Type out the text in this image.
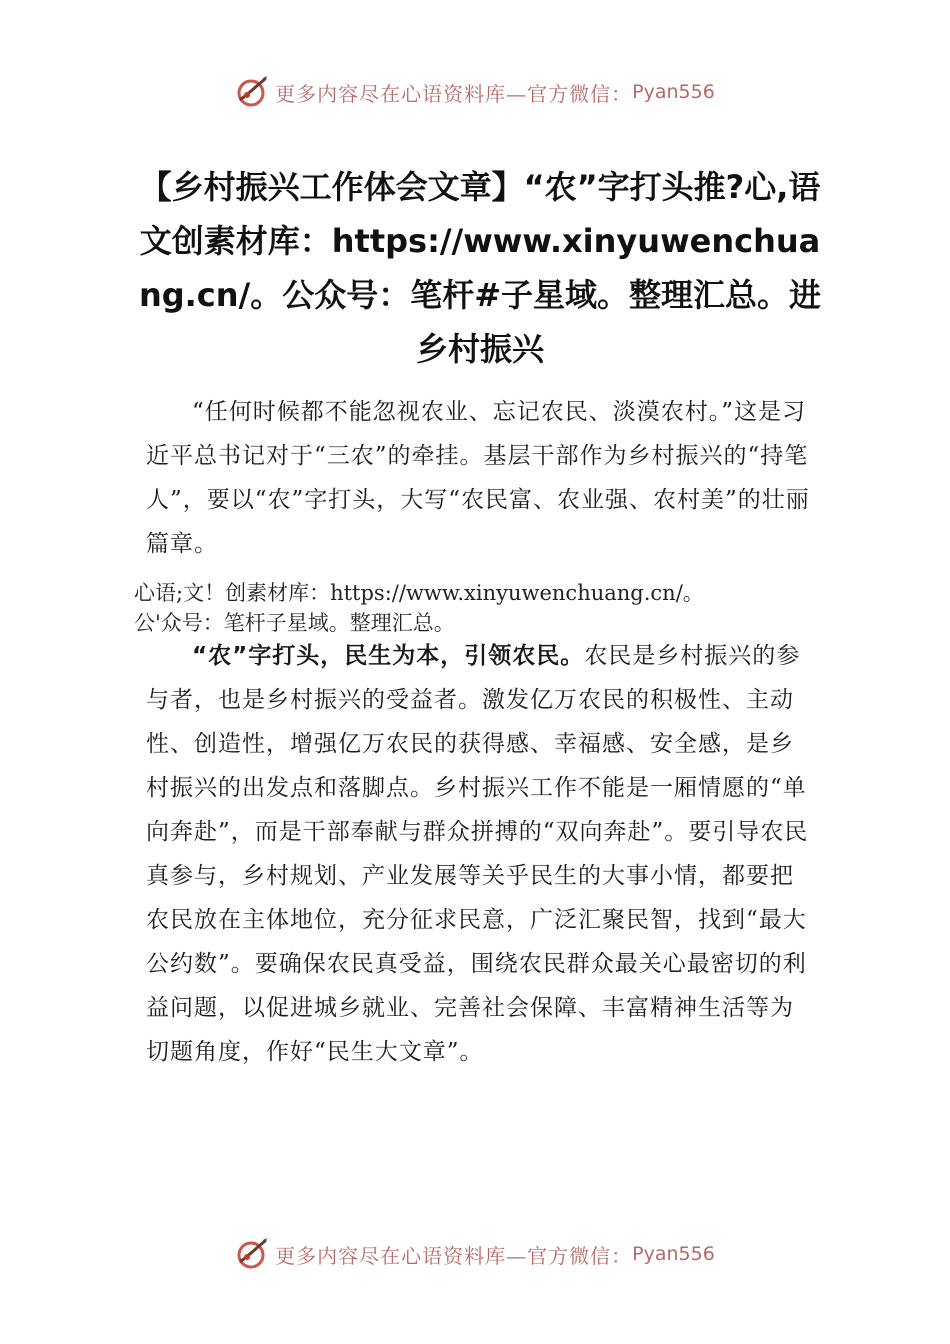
更多内容尽在心语资料库—官方微信： Pyan556
【乡村振兴工作体会文章】“农”字打头推?心,语文创素材库：https://www.xinyuwenchuang.cn/。公众号：笔杆#子星域。整理汇总。进乡村振兴

“任何时候都不能忽视农业、忘记农民、淡漠农村。”这是习近平总书记对于“三农”的牵挂。基层干部作为乡村振兴的“持笔人”，要以“农”字打头，大写“农民富、农业强、农村美”的壮丽篇章。

心语;文！创素材库：https://www.xinyuwenchuang.cn/。
公'众号：笔杆子星域。整理汇总。

“农”字打头，民生为本，引领农民。农民是乡村振兴的参与者，也是乡村振兴的受益者。激发亿万农民的积极性、主动性、创造性，增强亿万农民的获得感、幸福感、安全感，是乡村振兴的出发点和落脚点。乡村振兴工作不能是一厢情愿的“单向奔赴”，而是干部奉献与群众拼搏的“双向奔赴”。要引导农民真参与，乡村规划、产业发展等关乎民生的大事小情，都要把农民放在主体地位，充分征求民意，广泛汇聚民智，找到“最大公约数”。要确保农民真受益，围绕农民群众最关心最密切的利益问题，以促进城乡就业、完善社会保障、丰富精神生活等为切题角度，作好“民生大文章”。

更多内容尽在心语资料库—官方微信： Pyan556
